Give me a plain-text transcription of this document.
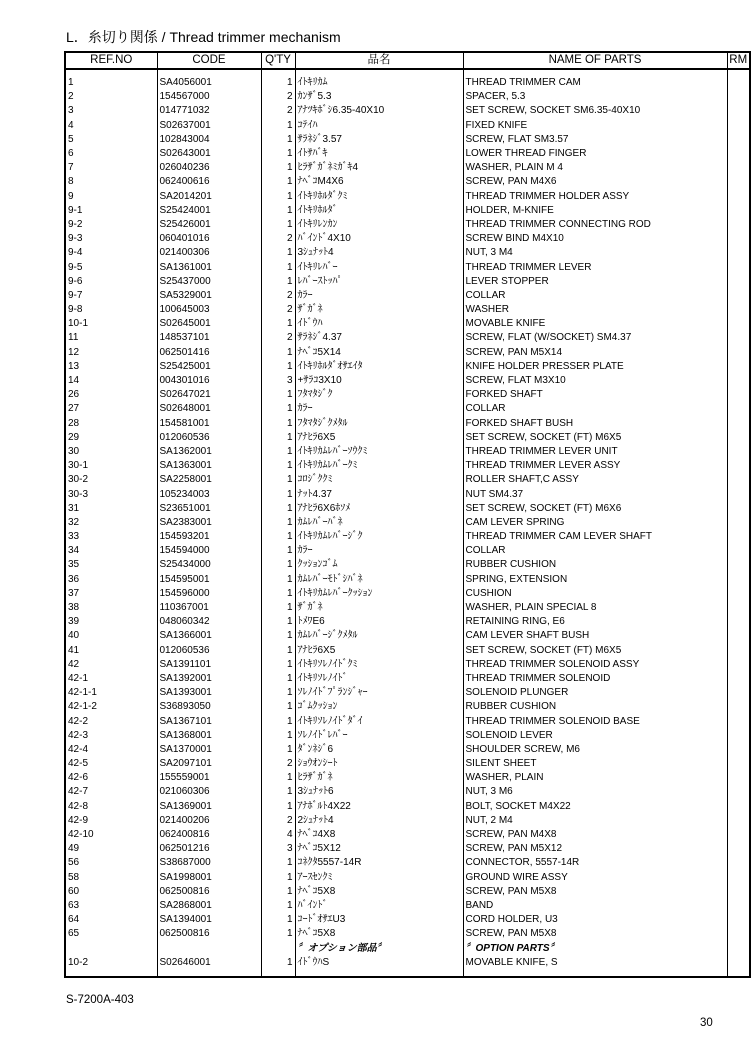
L．糸切り関係 / Thread trimmer mechanism
REF.NO	CODE	Q'TY	品名	NAME OF PARTS	RM

1	SA4056001	1	ｲﾄｷﾘｶﾑ	THREAD TRIMMER CAM	
2	154567000	2	ｶﾝｻﾞ5.3	SPACER, 5.3	
3	014771032	2	ｱﾅﾂｷﾎﾞｼ6.35-40X10	SET SCREW, SOCKET SM6.35-40X10	
4	S02637001	1	ｺﾃｲﾊ	FIXED KNIFE	
5	102843004	1	ｻﾗﾈｼﾞ3.57	SCREW, FLAT SM3.57	
6	S02643001	1	ｲﾄｻﾊﾞｷ	LOWER THREAD FINGER	
7	026040236	1	ﾋﾗｻﾞｶﾞﾈﾐｶﾞｷ4	WASHER, PLAIN M 4	
8	062400616	1	ﾅﾍﾞｺM4X6	SCREW, PAN M4X6	
9	SA2014201	1	ｲﾄｷﾘﾎﾙﾀﾞｸﾐ	THREAD TRIMMER HOLDER ASSY	
9-1	S25424001	1	ｲﾄｷﾘﾎﾙﾀﾞ	HOLDER, M-KNIFE	
9-2	S25426001	1	ｲﾄｷﾘﾚﾝｶﾝ	THREAD TRIMMER CONNECTING ROD	
9-3	060401016	2	ﾊﾞｲﾝﾄﾞ4X10	SCREW BIND M4X10	
9-4	021400306	1	3ｼｭﾅｯﾄ4	NUT, 3 M4	
9-5	SA1361001	1	ｲﾄｷﾘﾚﾊﾞｰ	THREAD TRIMMER LEVER	
9-6	S25437000	1	ﾚﾊﾞｰｽﾄｯﾊﾟ	LEVER STOPPER	
9-7	SA5329001	2	ｶﾗｰ	COLLAR	
9-8	100645003	2	ｻﾞｶﾞﾈ	WASHER	
10-1	S02645001	1	ｲﾄﾞｳﾊ	MOVABLE KNIFE	
11	148537101	2	ｻﾗﾈｼﾞ4.37	SCREW, FLAT (W/SOCKET) SM4.37	
12	062501416	1	ﾅﾍﾞｺ5X14	SCREW, PAN M5X14	
13	S25425001	1	ｲﾄｷﾘﾎﾙﾀﾞｵｻｴｲﾀ	KNIFE HOLDER PRESSER PLATE	
14	004301016	3	+ｻﾗｺ3X10	SCREW, FLAT M3X10	
26	S02647021	1	ﾌﾀﾏﾀｼﾞｸ	FORKED SHAFT	
27	S02648001	1	ｶﾗｰ	COLLAR	
28	154581001	1	ﾌﾀﾏﾀｼﾞｸﾒﾀﾙ	FORKED SHAFT BUSH	
29	012060536	1	ｱﾅﾋﾗ6X5	SET SCREW, SOCKET (FT) M6X5	
30	SA1362001	1	ｲﾄｷﾘｶﾑﾚﾊﾞｰｿｳｸﾐ	THREAD TRIMMER LEVER UNIT	
30-1	SA1363001	1	ｲﾄｷﾘｶﾑﾚﾊﾞｰｸﾐ	THREAD TRIMMER LEVER ASSY	
30-2	SA2258001	1	ｺﾛｼﾞｸｸﾐ	ROLLER SHAFT,C ASSY	
30-3	105234003	1	ﾅｯﾄ4.37	NUT SM4.37	
31	S23651001	1	ｱﾅﾋﾗ6X6ﾎｿﾒ	SET SCREW, SOCKET (FT) M6X6	
32	SA2383001	1	ｶﾑﾚﾊﾞｰﾊﾞﾈ	CAM LEVER SPRING	
33	154593201	1	ｲﾄｷﾘｶﾑﾚﾊﾞｰｼﾞｸ	THREAD TRIMMER CAM LEVER SHAFT	
34	154594000	1	ｶﾗｰ	COLLAR	
35	S25434000	1	ｸｯｼｮﾝｺﾞﾑ	RUBBER CUSHION	
36	154595001	1	ｶﾑﾚﾊﾞｰﾓﾄﾞｼﾊﾞﾈ	SPRING, EXTENSION	
37	154596000	1	ｲﾄｷﾘｶﾑﾚﾊﾞｰｸｯｼｮﾝ	CUSHION	
38	110367001	1	ｻﾞｶﾞﾈ	WASHER, PLAIN SPECIAL 8	
39	048060342	1	ﾄﾒﾜE6	RETAINING RING, E6	
40	SA1366001	1	ｶﾑﾚﾊﾞｰｼﾞｸﾒﾀﾙ	CAM LEVER SHAFT BUSH	
41	012060536	1	ｱﾅﾋﾗ6X5	SET SCREW, SOCKET (FT) M6X5	
42	SA1391101	1	ｲﾄｷﾘｿﾚﾉｲﾄﾞｸﾐ	THREAD TRIMMER SOLENOID ASSY	
42-1	SA1392001	1	ｲﾄｷﾘｿﾚﾉｲﾄﾞ	THREAD TRIMMER SOLENOID	
42-1-1	SA1393001	1	ｿﾚﾉｲﾄﾞﾌﾟﾗﾝｼﾞｬｰ	SOLENOID PLUNGER	
42-1-2	S36893050	1	ｺﾞﾑｸｯｼｮﾝ	RUBBER CUSHION	
42-2	SA1367101	1	ｲﾄｷﾘｿﾚﾉｲﾄﾞﾀﾞｲ	THREAD TRIMMER SOLENOID BASE	
42-3	SA1368001	1	ｿﾚﾉｲﾄﾞﾚﾊﾞｰ	SOLENOID LEVER	
42-4	SA1370001	1	ﾀﾞﾝﾈｼﾞ6	SHOULDER SCREW, M6	
42-5	SA2097101	2	ｼｮｳｵﾝｼｰﾄ	SILENT SHEET	
42-6	155559001	1	ﾋﾗｻﾞｶﾞﾈ	WASHER, PLAIN	
42-7	021060306	1	3ｼｭﾅｯﾄ6	NUT, 3 M6	
42-8	SA1369001	1	ｱﾅﾎﾞﾙﾄ4X22	BOLT, SOCKET M4X22	
42-9	021400206	2	2ｼｭﾅｯﾄ4	NUT, 2 M4	
42-10	062400816	4	ﾅﾍﾞｺ4X8	SCREW, PAN M4X8	
49	062501216	3	ﾅﾍﾞｺ5X12	SCREW, PAN M5X12	
56	S38687000	1	ｺﾈｸﾀ5557-14R	CONNECTOR, 5557-14R	
58	SA1998001	1	ｱｰｽｾﾝｸﾐ	GROUND WIRE ASSY	
60	062500816	1	ﾅﾍﾞｺ5X8	SCREW, PAN M5X8	
63	SA2868001	1	ﾊﾞｲﾝﾄﾞ	BAND	
64	SA1394001	1	ｺｰﾄﾞｵｻｴU3	CORD HOLDER, U3	
65	062500816	1	ﾅﾍﾞｺ5X8	SCREW, PAN M5X8	
			〞オプション部品〞	〞OPTION PARTS〞	
10-2	S02646001	1	ｲﾄﾞｳﾊS	MOVABLE KNIFE, S	

S-7200A-403
30
